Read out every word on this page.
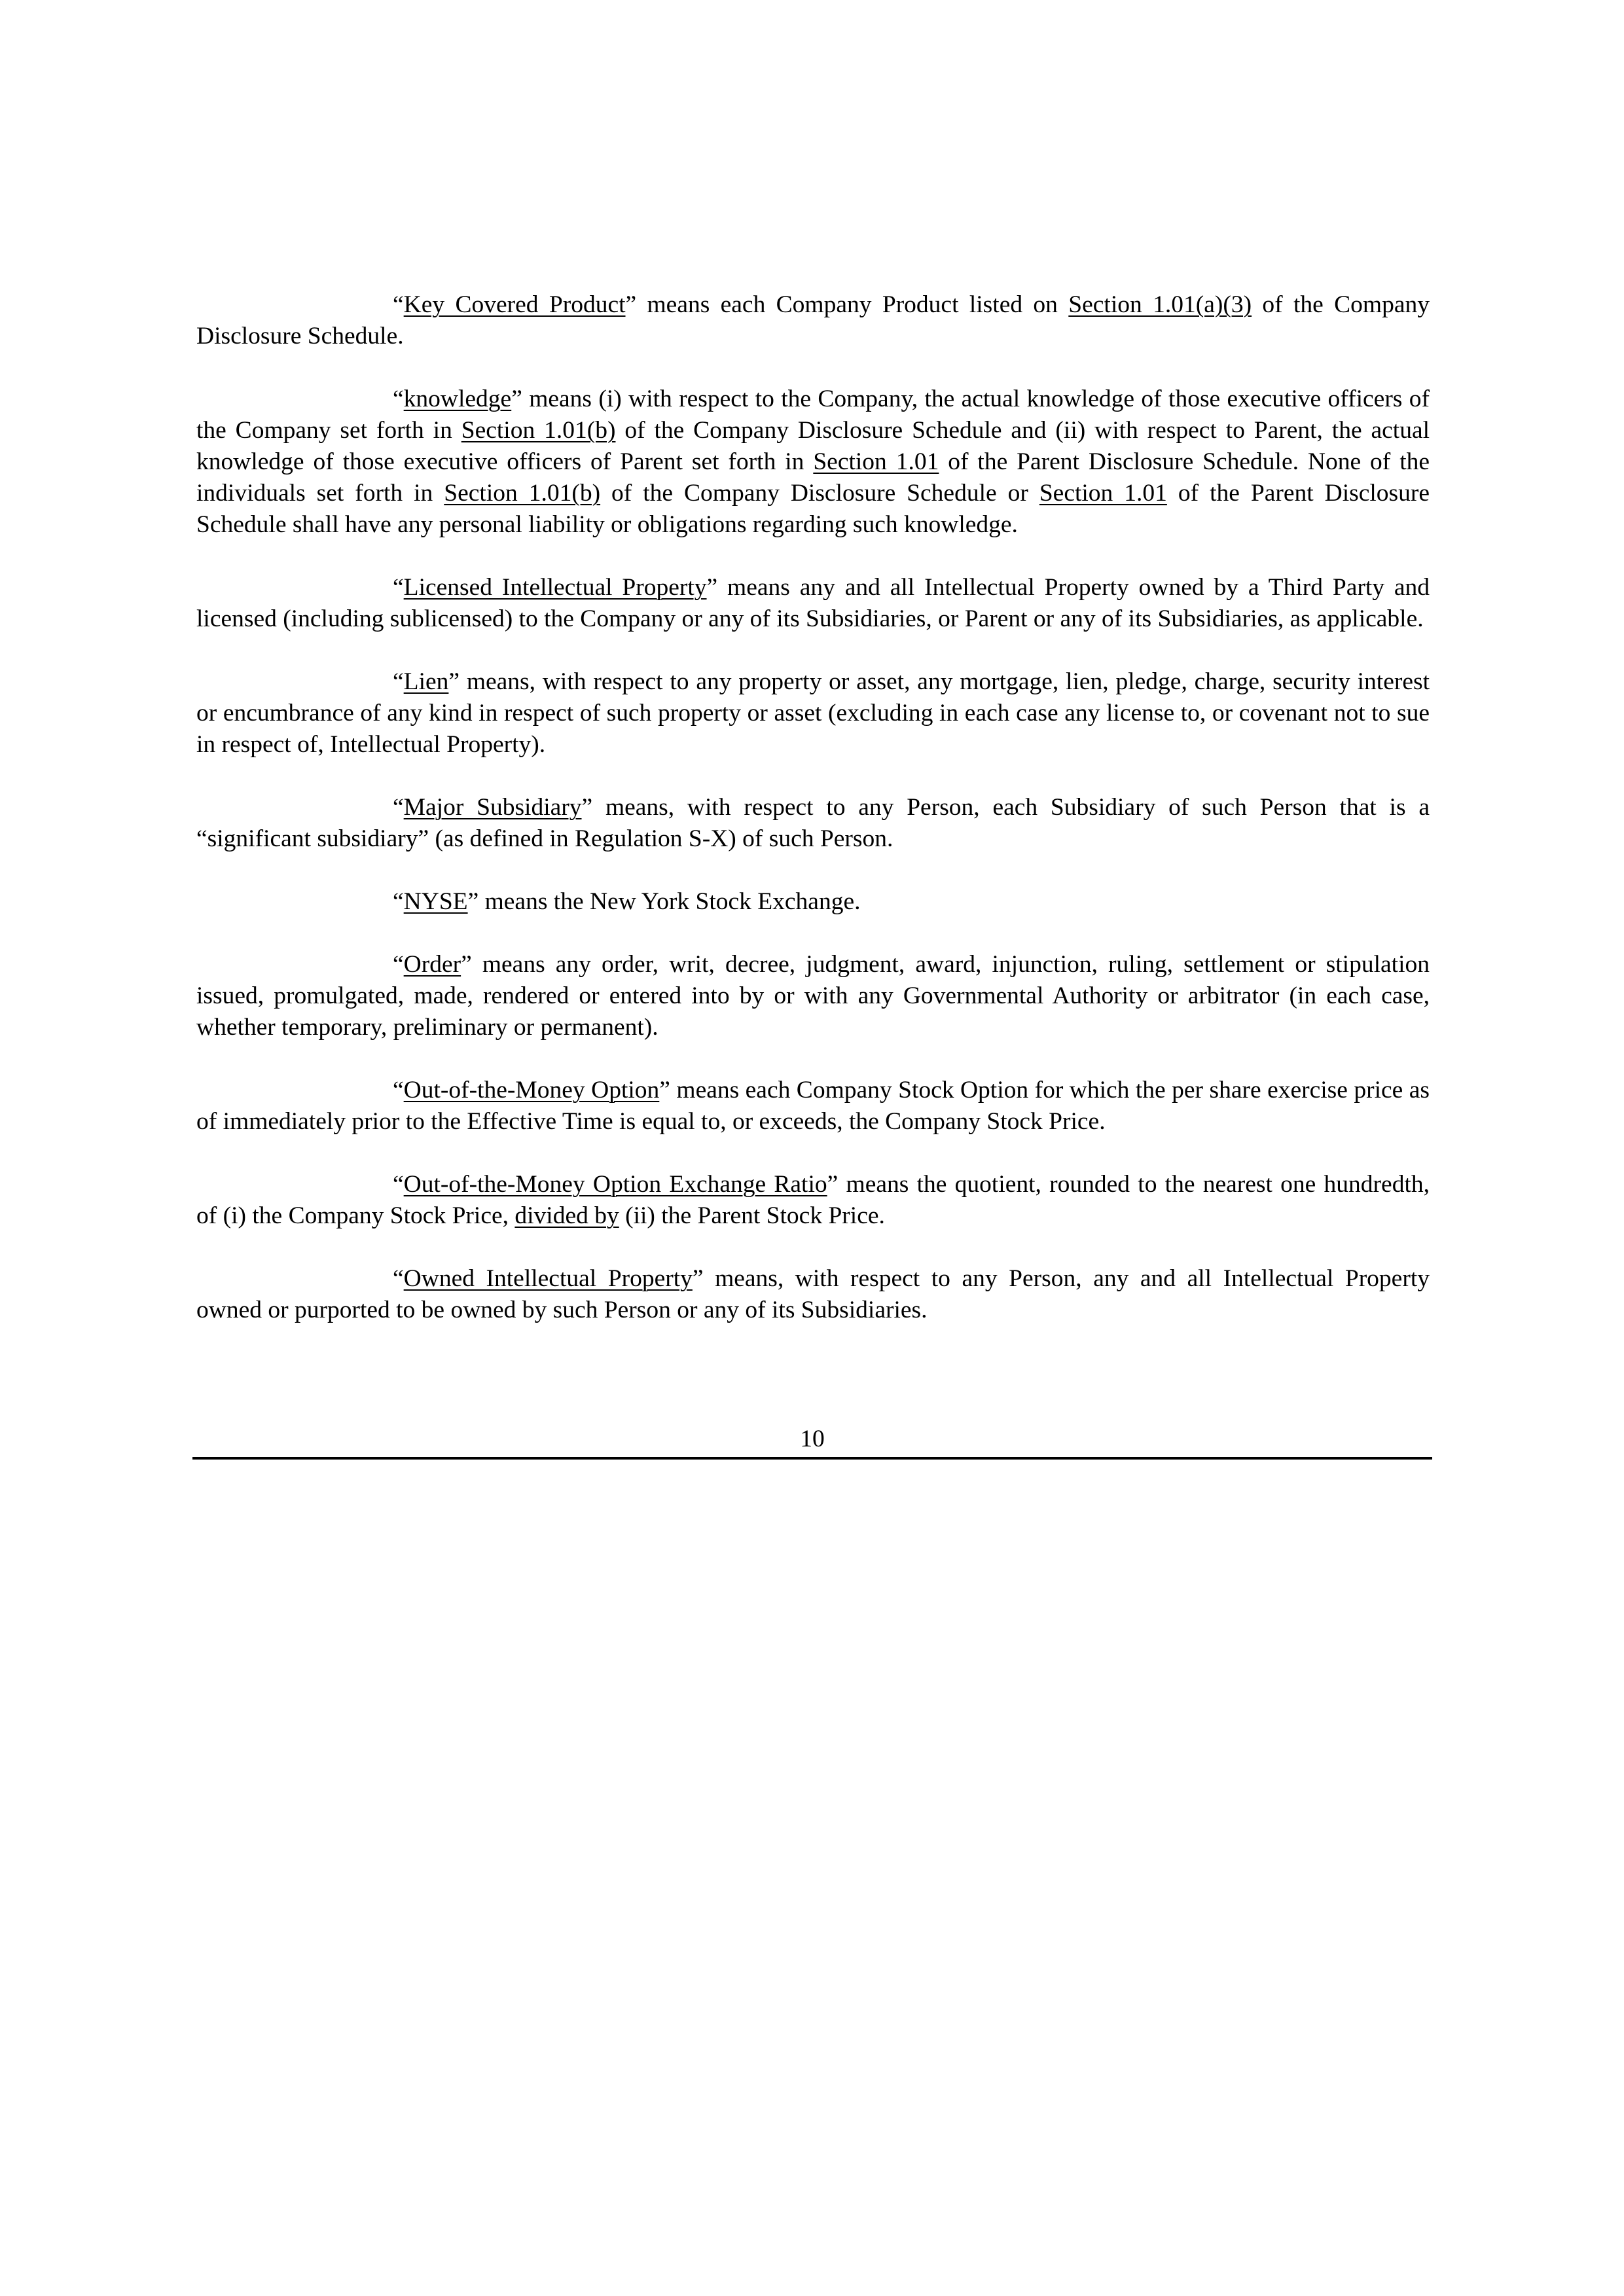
“Key Covered Product” means each Company Product listed on Section 1.01(a)(3) of the Company Disclosure Schedule.

“knowledge” means (i) with respect to the Company, the actual knowledge of those executive officers of the Company set forth in Section 1.01(b) of the Company Disclosure Schedule and (ii) with respect to Parent, the actual knowledge of those executive officers of Parent set forth in Section 1.01 of the Parent Disclosure Schedule. None of the individuals set forth in Section 1.01(b) of the Company Disclosure Schedule or Section 1.01 of the Parent Disclosure Schedule shall have any personal liability or obligations regarding such knowledge.

“Licensed Intellectual Property” means any and all Intellectual Property owned by a Third Party and licensed (including sublicensed) to the Company or any of its Subsidiaries, or Parent or any of its Subsidiaries, as applicable.

“Lien” means, with respect to any property or asset, any mortgage, lien, pledge, charge, security interest or encumbrance of any kind in respect of such property or asset (excluding in each case any license to, or covenant not to sue in respect of, Intellectual Property).

“Major Subsidiary” means, with respect to any Person, each Subsidiary of such Person that is a “significant subsidiary” (as defined in Regulation S-X) of such Person.

“NYSE” means the New York Stock Exchange.

“Order” means any order, writ, decree, judgment, award, injunction, ruling, settlement or stipulation issued, promulgated, made, rendered or entered into by or with any Governmental Authority or arbitrator (in each case, whether temporary, preliminary or permanent).

“Out-of-the-Money Option” means each Company Stock Option for which the per share exercise price as of immediately prior to the Effective Time is equal to, or exceeds, the Company Stock Price.

“Out-of-the-Money Option Exchange Ratio” means the quotient, rounded to the nearest one hundredth, of (i) the Company Stock Price, divided by (ii) the Parent Stock Price.

“Owned Intellectual Property” means, with respect to any Person, any and all Intellectual Property owned or purported to be owned by such Person or any of its Subsidiaries.

10
